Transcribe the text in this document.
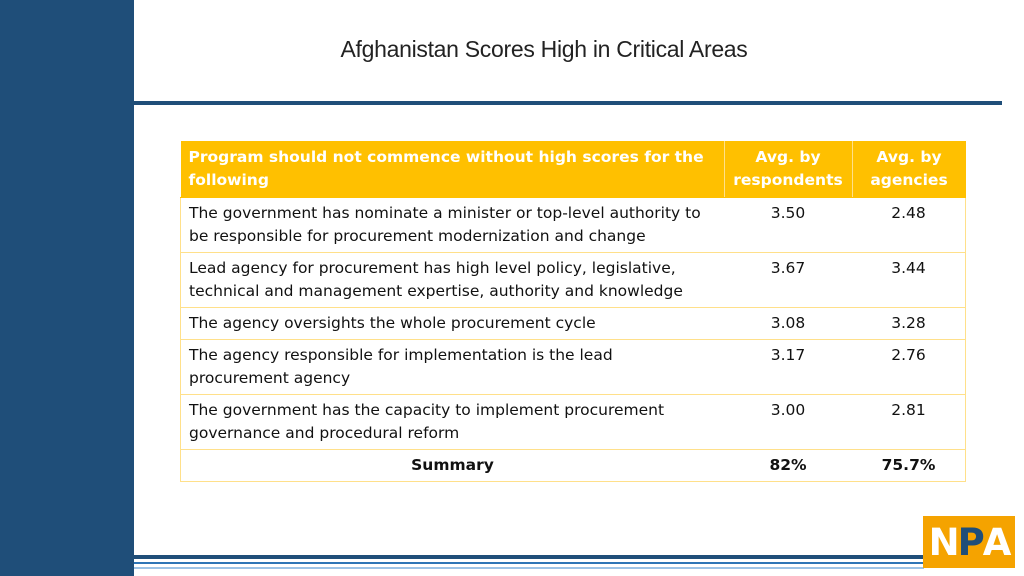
Afghanistan Scores High in Critical Areas
Program should not commence without high scores for the following	Avg. by respondents	Avg. by agencies
The government has nominate a minister or top-level authority to be responsible for procurement modernization and change	3.50	2.48
Lead agency for procurement has high level policy, legislative, technical and management expertise, authority and knowledge	3.67	3.44
The agency oversights the whole procurement cycle	3.08	3.28
The agency responsible for implementation is the lead procurement agency	3.17	2.76
The government has the capacity to implement procurement governance and procedural reform	3.00	2.81
Summary	82%	75.7%
N P A
